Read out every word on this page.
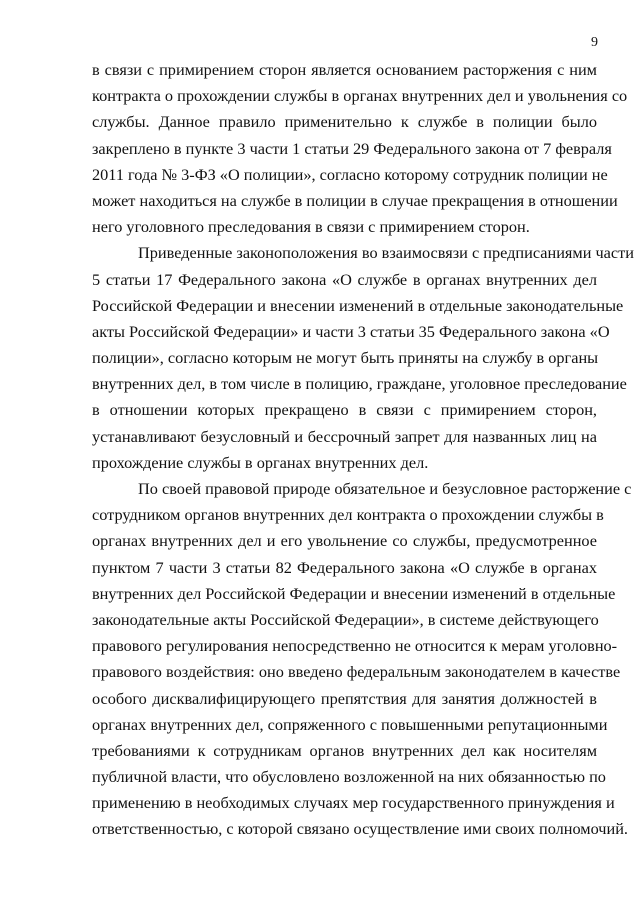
9
в связи с примирением сторон является основанием расторжения с ним
контракта о прохождении службы в органах внутренних дел и увольнения со
службы. Данное правило применительно к службе в полиции было
закреплено в пункте 3 части 1 статьи 29 Федерального закона от 7 февраля
2011 года № 3-ФЗ «О полиции», согласно которому сотрудник полиции не
может находиться на службе в полиции в случае прекращения в отношении
него уголовного преследования в связи с примирением сторон.
Приведенные законоположения во взаимосвязи с предписаниями части
5 статьи 17 Федерального закона «О службе в органах внутренних дел
Российской Федерации и внесении изменений в отдельные законодательные
акты Российской Федерации» и части 3 статьи 35 Федерального закона «О
полиции», согласно которым не могут быть приняты на службу в органы
внутренних дел, в том числе в полицию, граждане, уголовное преследование
в отношении которых прекращено в связи с примирением сторон,
устанавливают безусловный и бессрочный запрет для названных лиц на
прохождение службы в органах внутренних дел.
По своей правовой природе обязательное и безусловное расторжение с
сотрудником органов внутренних дел контракта о прохождении службы в
органах внутренних дел и его увольнение со службы, предусмотренное
пунктом 7 части 3 статьи 82 Федерального закона «О службе в органах
внутренних дел Российской Федерации и внесении изменений в отдельные
законодательные акты Российской Федерации», в системе действующего
правового регулирования непосредственно не относится к мерам уголовно-
правового воздействия: оно введено федеральным законодателем в качестве
особого дисквалифицирующего препятствия для занятия должностей в
органах внутренних дел, сопряженного с повышенными репутационными
требованиями к сотрудникам органов внутренних дел как носителям
публичной власти, что обусловлено возложенной на них обязанностью по
применению в необходимых случаях мер государственного принуждения и
ответственностью, с которой связано осуществление ими своих полномочий.
